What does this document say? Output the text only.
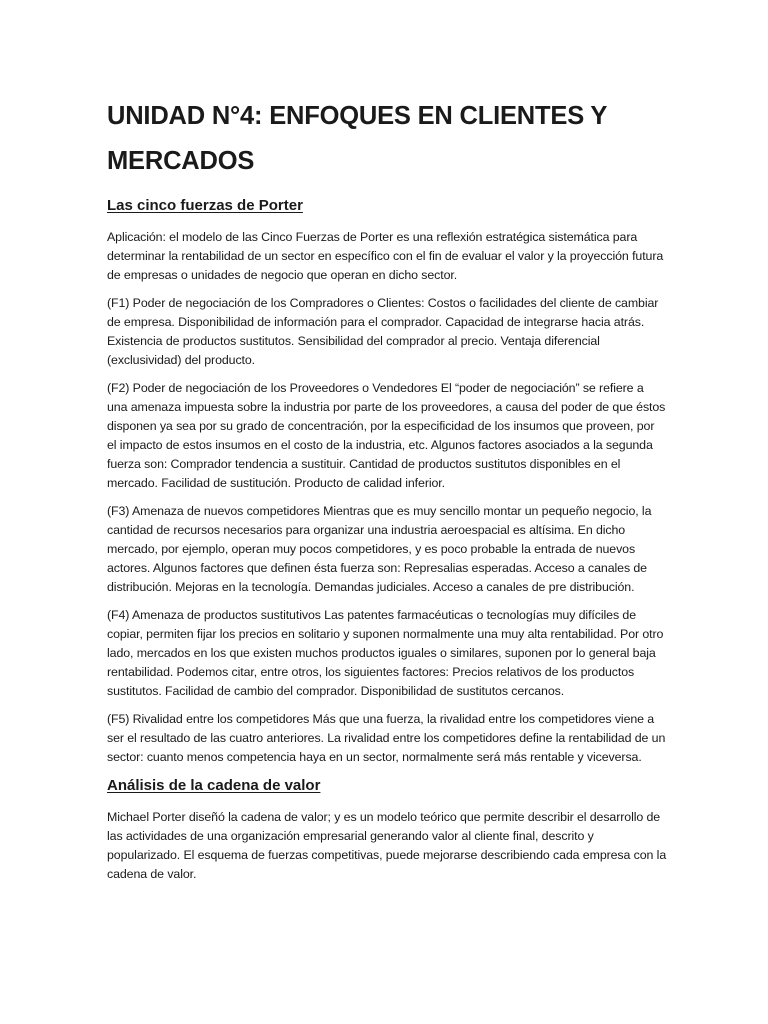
UNIDAD N°4: ENFOQUES EN CLIENTES Y MERCADOS
Las cinco fuerzas de Porter

Aplicación: el modelo de las Cinco Fuerzas de Porter es una reflexión estratégica sistemática para determinar la rentabilidad de un sector en específico con el fin de evaluar el valor y la proyección futura de empresas o unidades de negocio que operan en dicho sector.

(F1) Poder de negociación de los Compradores o Clientes: Costos o facilidades del cliente de cambiar de empresa. Disponibilidad de información para el comprador. Capacidad de integrarse hacia atrás. Existencia de productos sustitutos. Sensibilidad del comprador al precio. Ventaja diferencial (exclusividad) del producto.

(F2) Poder de negociación de los Proveedores o Vendedores El “poder de negociación” se refiere a una amenaza impuesta sobre la industria por parte de los proveedores, a causa del poder de que éstos disponen ya sea por su grado de concentración, por la especificidad de los insumos que proveen, por el impacto de estos insumos en el costo de la industria, etc. Algunos factores asociados a la segunda fuerza son: Comprador tendencia a sustituir. Cantidad de productos sustitutos disponibles en el mercado. Facilidad de sustitución. Producto de calidad inferior.

(F3) Amenaza de nuevos competidores Mientras que es muy sencillo montar un pequeño negocio, la cantidad de recursos necesarios para organizar una industria aeroespacial es altísima. En dicho mercado, por ejemplo, operan muy pocos competidores, y es poco probable la entrada de nuevos actores. Algunos factores que definen ésta fuerza son: Represalias esperadas. Acceso a canales de distribución. Mejoras en la tecnología. Demandas judiciales. Acceso a canales de pre distribución.

(F4) Amenaza de productos sustitutivos Las patentes farmacéuticas o tecnologías muy difíciles de copiar, permiten fijar los precios en solitario y suponen normalmente una muy alta rentabilidad. Por otro lado, mercados en los que existen muchos productos iguales o similares, suponen por lo general baja rentabilidad. Podemos citar, entre otros, los siguientes factores: Precios relativos de los productos sustitutos. Facilidad de cambio del comprador. Disponibilidad de sustitutos cercanos.

(F5) Rivalidad entre los competidores Más que una fuerza, la rivalidad entre los competidores viene a ser el resultado de las cuatro anteriores. La rivalidad entre los competidores define la rentabilidad de un sector: cuanto menos competencia haya en un sector, normalmente será más rentable y viceversa.

Análisis de la cadena de valor

Michael Porter diseñó la cadena de valor; y es un modelo teórico que permite describir el desarrollo de las actividades de una organización empresarial generando valor al cliente final, descrito y popularizado. El esquema de fuerzas competitivas, puede mejorarse describiendo cada empresa con la cadena de valor.
